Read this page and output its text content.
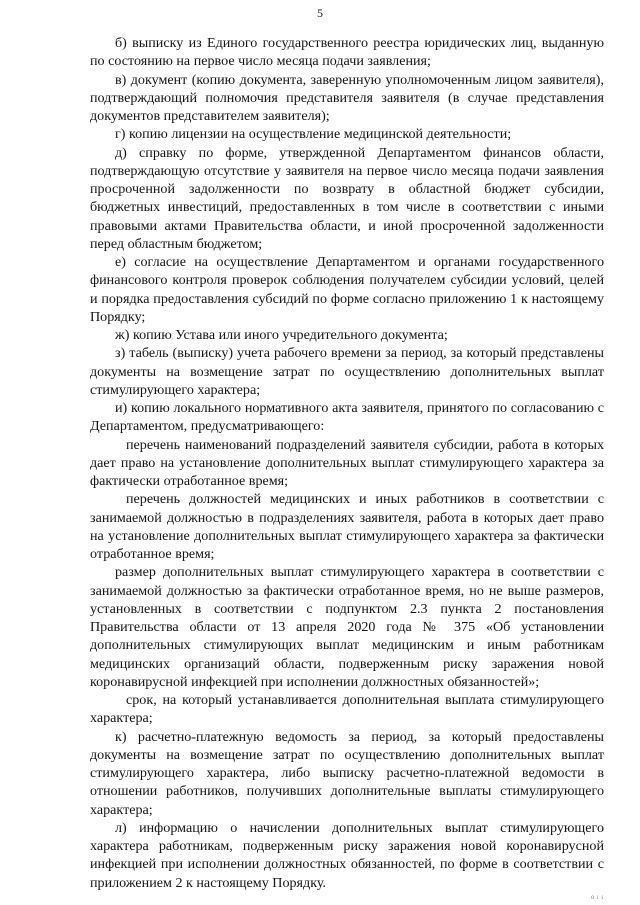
5

б) выписку из Единого государственного реестра юридических лиц, выданную по состоянию на первое число месяца подачи заявления;

в) документ (копию документа, заверенную уполномоченным лицом заявителя), подтверждающий полномочия представителя заявителя (в случае представления документов представителем заявителя);

г) копию лицензии на осуществление медицинской деятельности;

д) справку по форме, утвержденной Департаментом финансов области, подтверждающую отсутствие у заявителя на первое число месяца подачи заявления просроченной задолженности по возврату в областной бюджет субсидии, бюджетных инвестиций, предоставленных в том числе в соответствии с иными правовыми актами Правительства области, и иной просроченной задолженности перед областным бюджетом;

е) согласие на осуществление Департаментом и органами государственного финансового контроля проверок соблюдения получателем субсидии условий, целей и порядка предоставления субсидий по форме согласно приложению 1 к настоящему Порядку;

ж) копию Устава или иного учредительного документа;

з) табель (выписку) учета рабочего времени за период, за который представлены документы на возмещение затрат по осуществлению дополнительных выплат стимулирующего характера;

и) копию локального нормативного акта заявителя, принятого по согласованию с Департаментом, предусматривающего:

перечень наименований подразделений заявителя субсидии, работа в которых дает право на установление дополнительных выплат стимулирующего характера за фактически отработанное время;

перечень должностей медицинских и иных работников в соответствии с занимаемой должностью в подразделениях заявителя, работа в которых дает право на установление дополнительных выплат стимулирующего характера за фактически отработанное время;

размер дополнительных выплат стимулирующего характера в соответствии с занимаемой должностью за фактически отработанное время, но не выше размеров, установленных в соответствии с подпунктом 2.3 пункта 2 постановления Правительства области от 13 апреля 2020 года № 375 «Об установлении дополнительных стимулирующих выплат медицинским и иным работникам медицинских организаций области, подверженным риску заражения новой коронавирусной инфекцией при исполнении должностных обязанностей»;

срок, на который устанавливается дополнительная выплата стимулирующего характера;

к) расчетно-платежную ведомость за период, за который предоставлены документы на возмещение затрат по осуществлению дополнительных выплат стимулирующего характера, либо выписку расчетно-платежной ведомости в отношении работников, получивших дополнительные выплаты стимулирующего характера;

л) информацию о начислении дополнительных выплат стимулирующего характера работникам, подверженным риску заражения новой коронавирусной инфекцией при исполнении должностных обязанностей, по форме в соответствии с приложением 2 к настоящему Порядку.

0 i i
